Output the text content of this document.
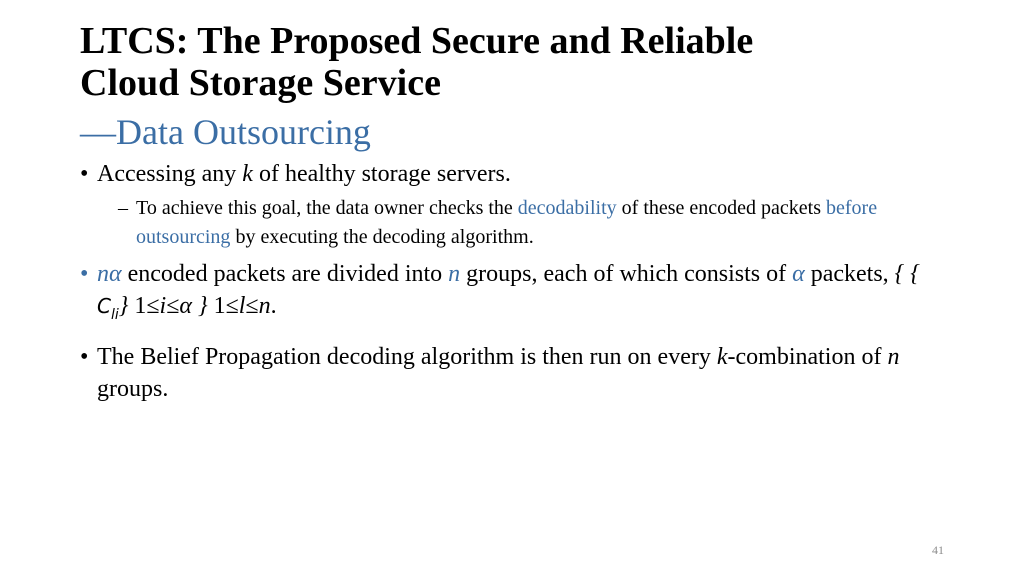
LTCS: The Proposed Secure and Reliable
Cloud Storage Service
—Data Outsourcing

• Accessing any k of healthy storage servers.

– To achieve this goal, the data owner checks the decodability of these encoded packets before outsourcing by executing the decoding algorithm.

• nα encoded packets are divided into n groups, each of which consists of α packets, { { $C_{li}$} 1≤i≤α } 1≤l≤n.

• The Belief Propagation decoding algorithm is then run on every k-combination of n groups.

41
